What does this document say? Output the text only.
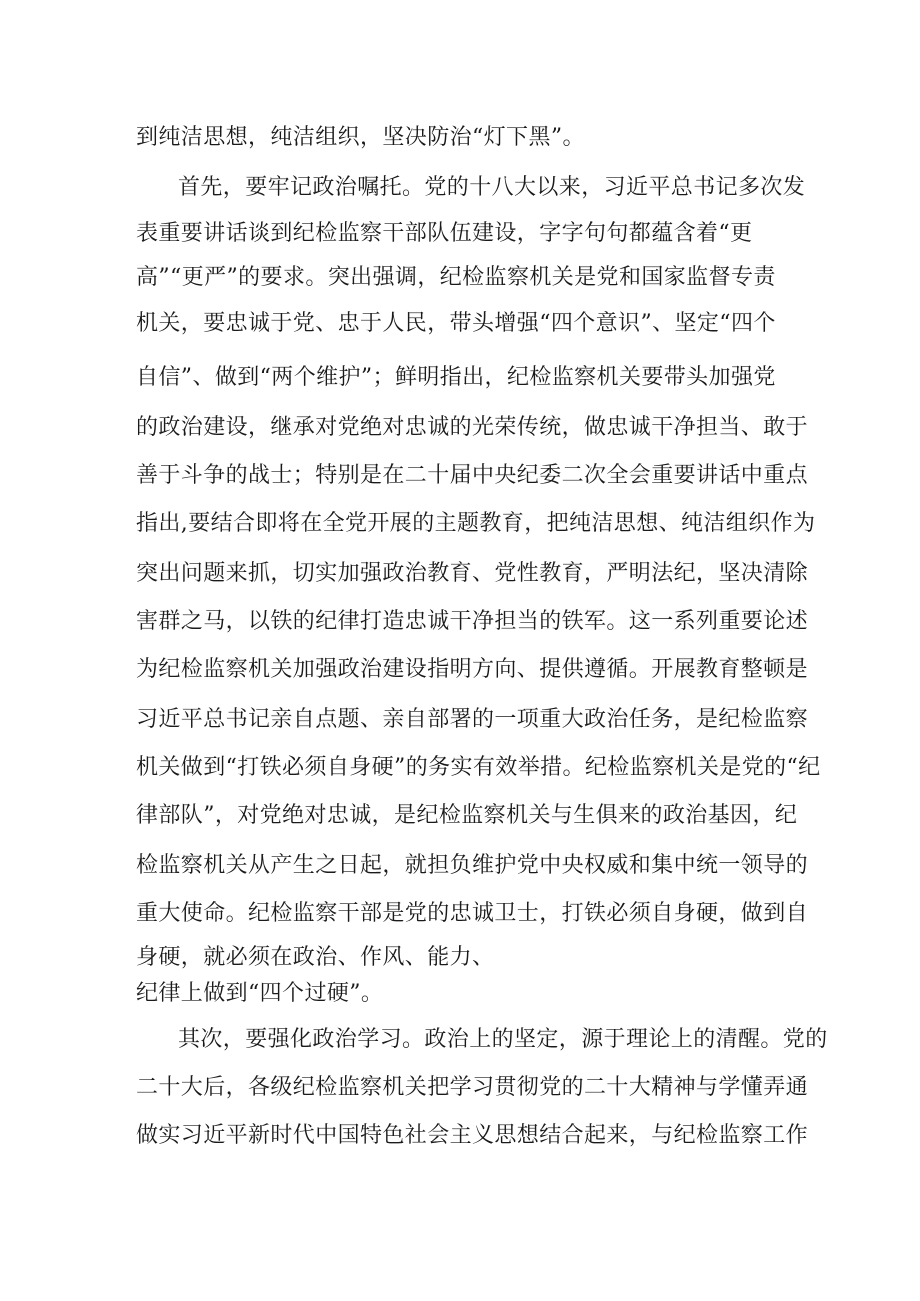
到纯洁思想，纯洁组织，坚决防治“灯下黑”。
首先，要牢记政治嘱托。党的十八大以来，习近平总书记多次发
表重要讲话谈到纪检监察干部队伍建设，字字句句都蕴含着“更
高”“更严”的要求。突出强调，纪检监察机关是党和国家监督专责
机关，要忠诚于党、忠于人民，带头增强“四个意识”、坚定“四个
自信”、做到“两个维护”；鲜明指出，纪检监察机关要带头加强党
的政治建设，继承对党绝对忠诚的光荣传统，做忠诚干净担当、敢于
善于斗争的战士；特别是在二十届中央纪委二次全会重要讲话中重点
指出,要结合即将在全党开展的主题教育，把纯洁思想、纯洁组织作为
突出问题来抓，切实加强政治教育、党性教育，严明法纪，坚决清除
害群之马，以铁的纪律打造忠诚干净担当的铁军。这一系列重要论述
为纪检监察机关加强政治建设指明方向、提供遵循。开展教育整顿是
习近平总书记亲自点题、亲自部署的一项重大政治任务，是纪检监察
机关做到“打铁必须自身硬”的务实有效举措。纪检监察机关是党的“纪
律部队”，对党绝对忠诚，是纪检监察机关与生俱来的政治基因，纪
检监察机关从产生之日起，就担负维护党中央权威和集中统一领导的
重大使命。纪检监察干部是党的忠诚卫士，打铁必须自身硬，做到自
身硬，就必须在政治、作风、能力、
纪律上做到“四个过硬”。
其次，要强化政治学习。政治上的坚定，源于理论上的清醒。党的
二十大后，各级纪检监察机关把学习贯彻党的二十大精神与学懂弄通
做实习近平新时代中国特色社会主义思想结合起来，与纪检监察工作
